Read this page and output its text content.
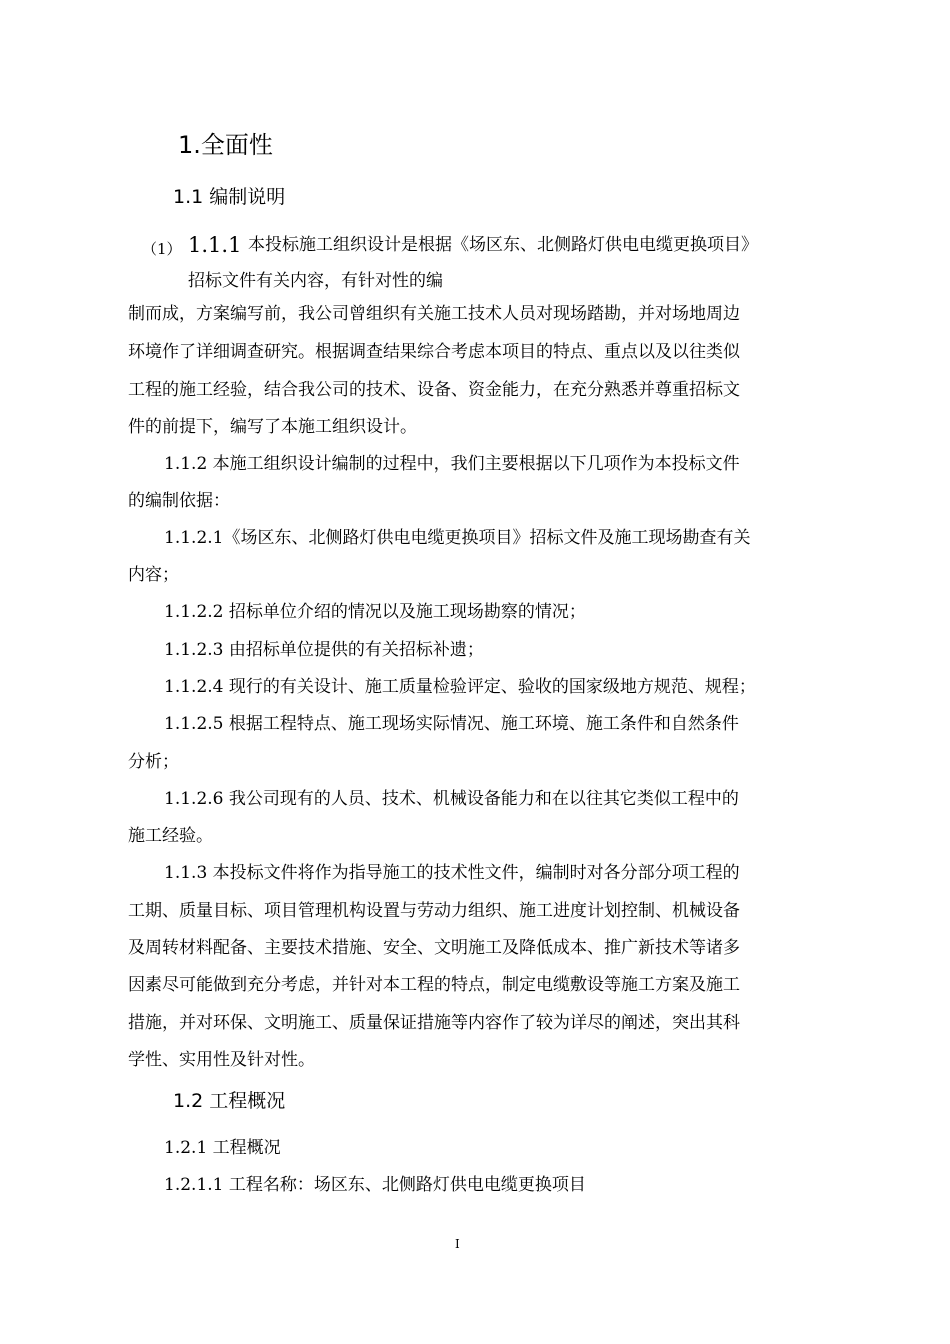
1.全面性
1.1 编制说明
（1） 1.1.1 本投标施工组织设计是根据《场区东、北侧路灯供电电缆更换项目》
招标文件有关内容，有针对性的编
制而成，方案编写前，我公司曾组织有关施工技术人员对现场踏勘，并对场地周边
环境作了详细调查研究。根据调查结果综合考虑本项目的特点、重点以及以往类似
工程的施工经验，结合我公司的技术、设备、资金能力，在充分熟悉并尊重招标文
件的前提下，编写了本施工组织设计。
1.1.2 本施工组织设计编制的过程中，我们主要根据以下几项作为本投标文件
的编制依据：
1.1.2.1《场区东、北侧路灯供电电缆更换项目》招标文件及施工现场勘查有关
内容；
1.1.2.2 招标单位介绍的情况以及施工现场勘察的情况；
1.1.2.3 由招标单位提供的有关招标补遗；
1.1.2.4 现行的有关设计、施工质量检验评定、验收的国家级地方规范、规程；
1.1.2.5 根据工程特点、施工现场实际情况、施工环境、施工条件和自然条件
分析；
1.1.2.6 我公司现有的人员、技术、机械设备能力和在以往其它类似工程中的
施工经验。
1.1.3 本投标文件将作为指导施工的技术性文件，编制时对各分部分项工程的
工期、质量目标、项目管理机构设置与劳动力组织、施工进度计划控制、机械设备
及周转材料配备、主要技术措施、安全、文明施工及降低成本、推广新技术等诸多
因素尽可能做到充分考虑，并针对本工程的特点，制定电缆敷设等施工方案及施工
措施，并对环保、文明施工、质量保证措施等内容作了较为详尽的阐述，突出其科
学性、实用性及针对性。
1.2 工程概况
1.2.1 工程概况
1.2.1.1 工程名称：场区东、北侧路灯供电电缆更换项目
I
